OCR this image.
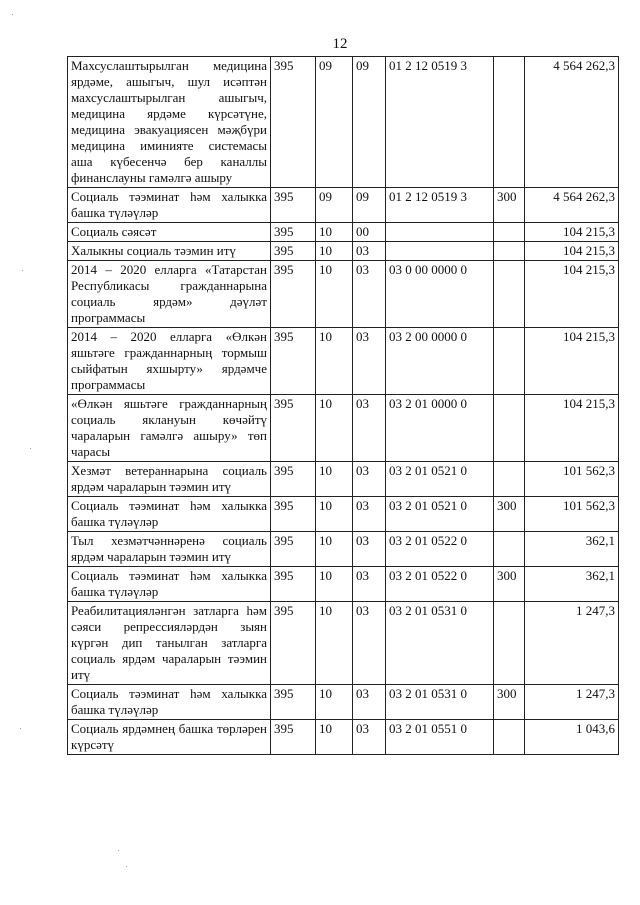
12
Махсуслаштырылган медицина ярдәме, ашыгыч, шул исәптән махсуслаштырылган ашыгыч, медицина ярдәме күрсәтүне, медицина эвакуациясен мәҗбүри медицина иминияте системасы аша күбесенчә бер каналлы финанслауны гамәлгә ашыру	395	09	09	01 2 12 0519 3		4 564 262,3
Социаль тәэминат һәм халыкка башка түләүләр	395	09	09	01 2 12 0519 3	300	4 564 262,3
Социаль сәясәт	395	10	00			104 215,3
Халыкны социаль тәэмин итү	395	10	03			104 215,3
2014 – 2020 елларга «Татарстан Республикасы гражданнарына социаль ярдәм» дәүләт программасы	395	10	03	03 0 00 0000 0		104 215,3
2014 – 2020 елларга «Өлкән яшьтәге гражданнарның тормыш сыйфатын яхшырту» ярдәмче программасы	395	10	03	03 2 00 0000 0		104 215,3
«Өлкән яшьтәге гражданнарның социаль яклануын көчәйтү чараларын гамәлгә ашыру» төп чарасы	395	10	03	03 2 01 0000 0		104 215,3
Хезмәт ветераннарына социаль ярдәм чараларын тәэмин итү	395	10	03	03 2 01 0521 0		101 562,3
Социаль тәэминат һәм халыкка башка түләүләр	395	10	03	03 2 01 0521 0	300	101 562,3
Тыл хезмәтчәннәренә социаль ярдәм чараларын тәэмин итү	395	10	03	03 2 01 0522 0		362,1
Социаль тәэминат һәм халыкка башка түләүләр	395	10	03	03 2 01 0522 0	300	362,1
Реабилитацияләнгән затларга һәм сәяси репрессияләрдән зыян күргән дип танылган затларга социаль ярдәм чараларын тәэмин итү	395	10	03	03 2 01 0531 0		1 247,3
Социаль тәэминат һәм халыкка башка түләүләр	395	10	03	03 2 01 0531 0	300	1 247,3
Социаль ярдәмнең башка төрләрен күрсәтү	395	10	03	03 2 01 0551 0		1 043,6
